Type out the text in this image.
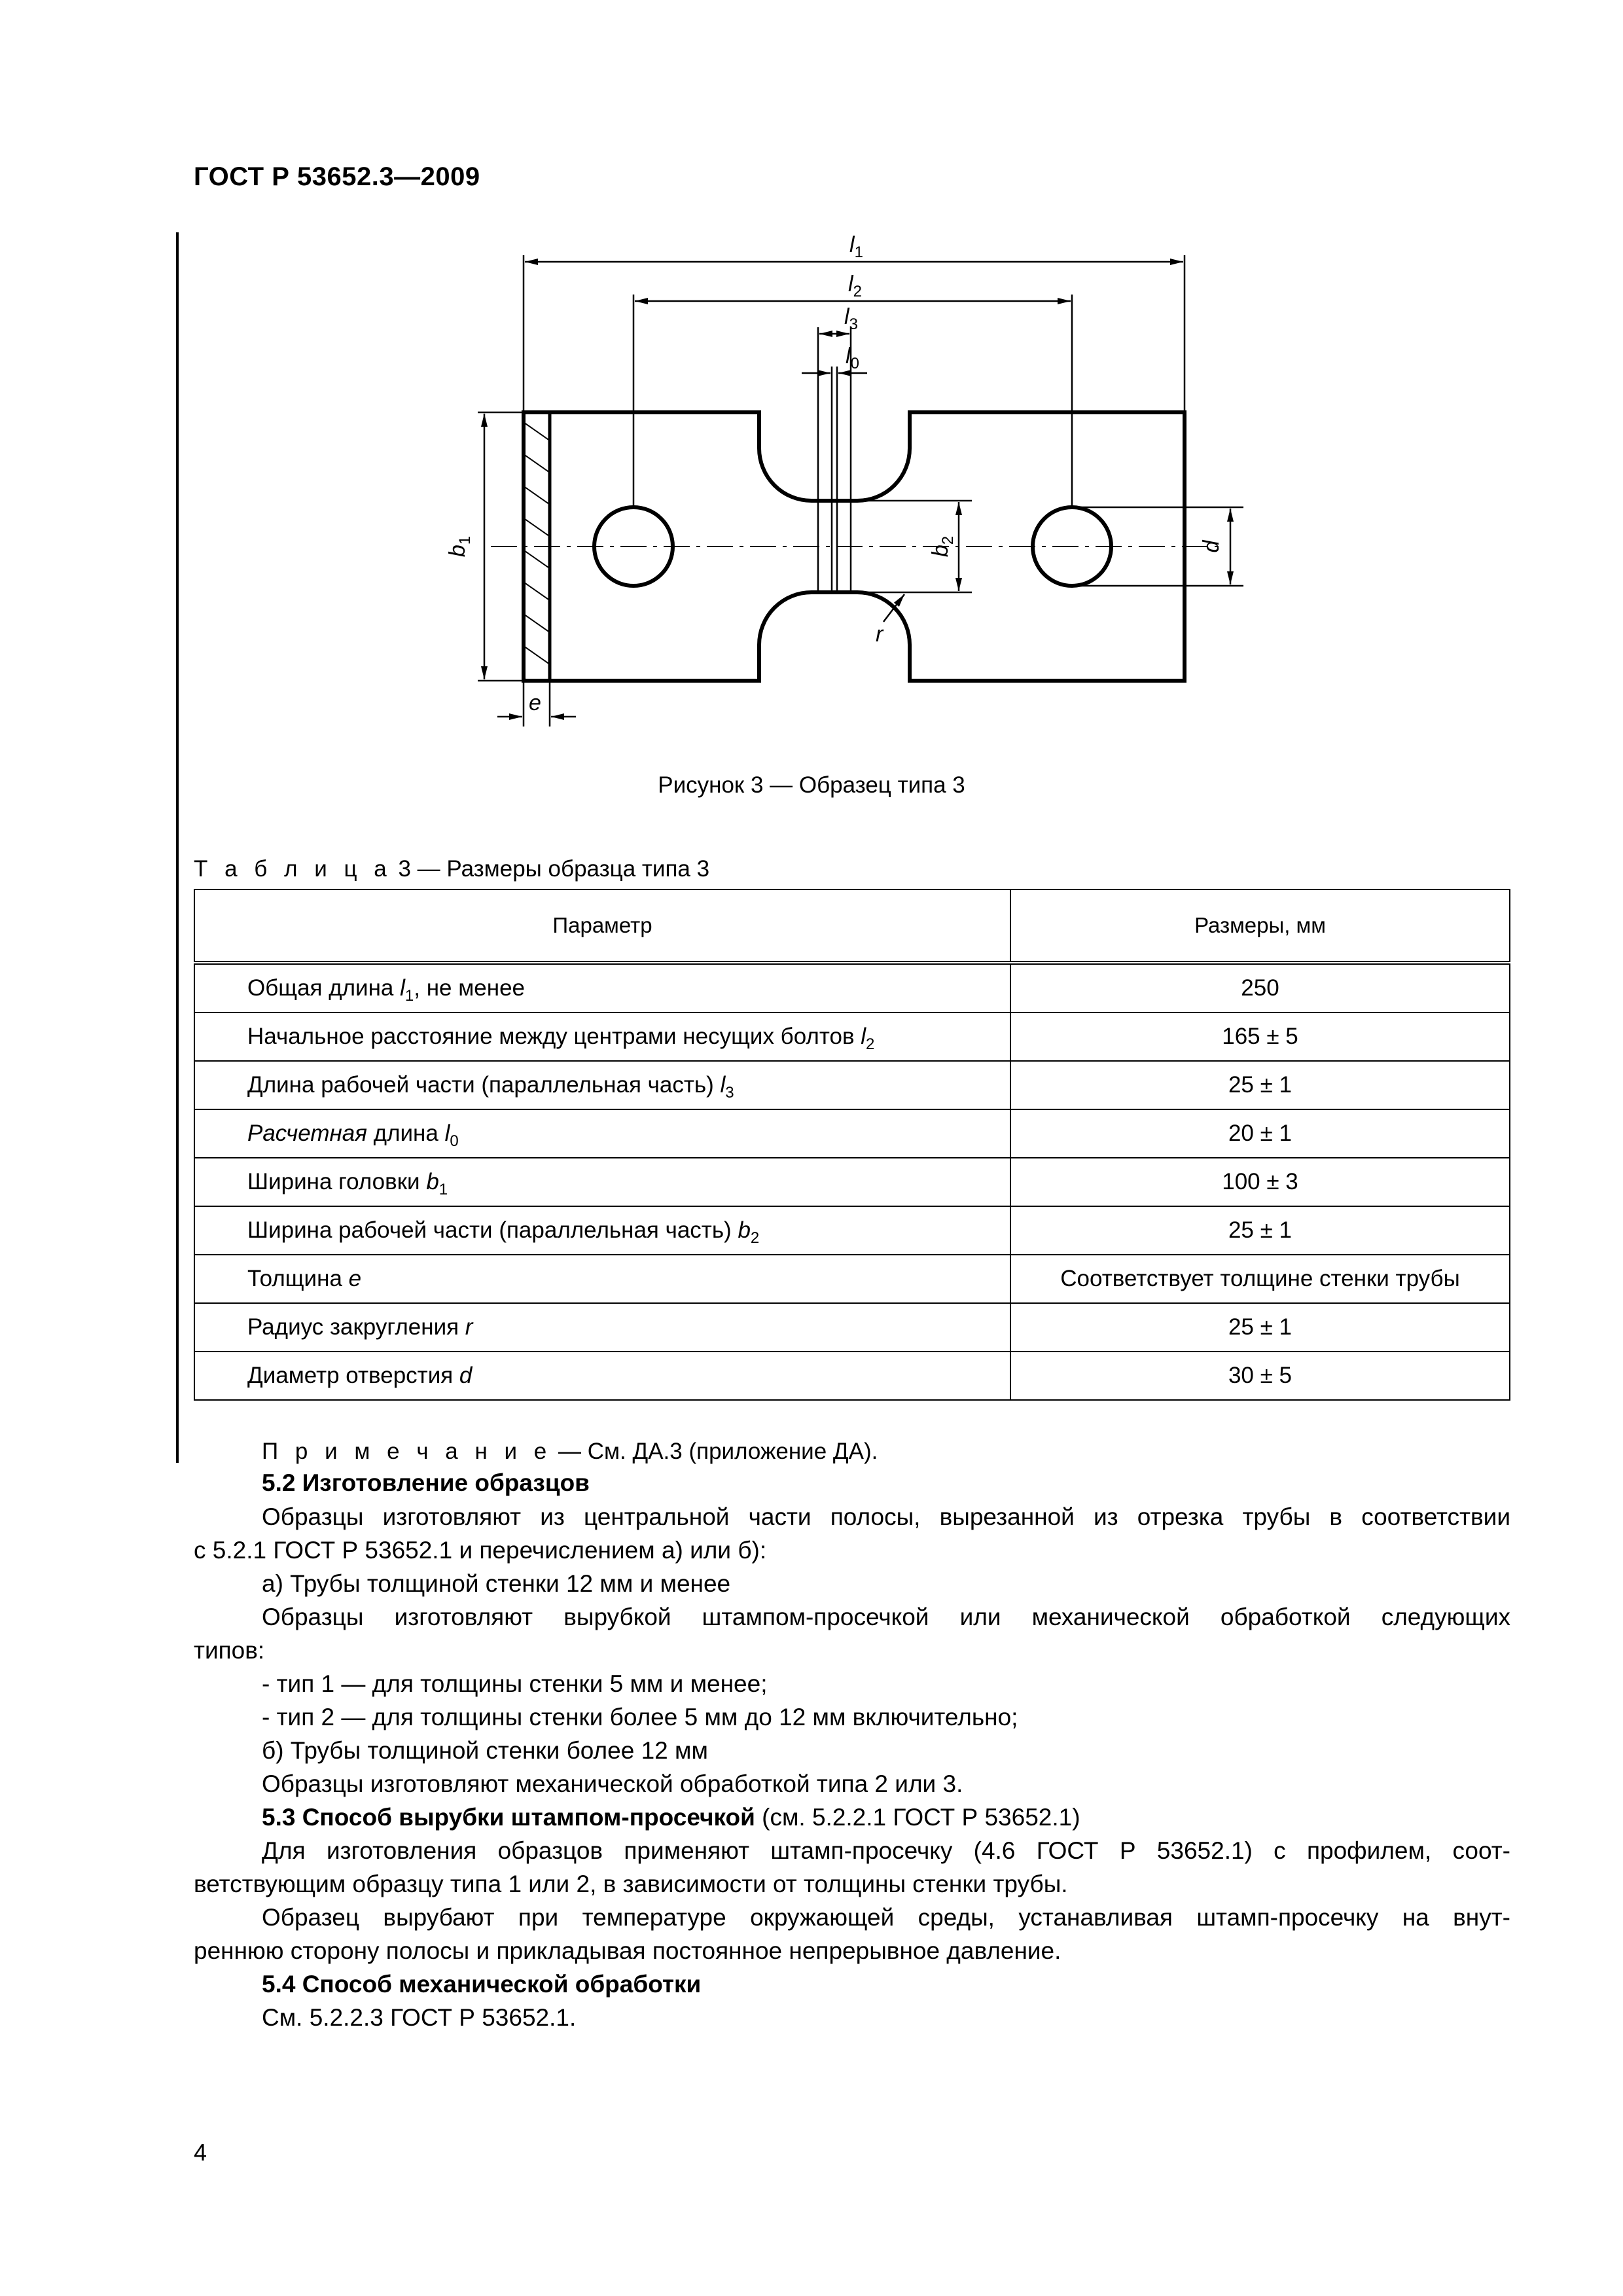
ГОСТ Р 53652.3—2009
$l_1$
$l_2$
$l_3$
$l_0$
$b_1$
$b_2$	d
r
e
Рисунок 3 — Образец типа 3
Т а б л и ц а 3 — Размеры образца типа 3
Параметр	Размеры, мм
Общая длина $l_1$, не менее	250
Начальное расстояние между центрами несущих болтов $l_2$	165 ± 5
Длина рабочей части (параллельная часть) $l_3$	25 ± 1
Расчетная длина $l_0$	20 ± 1
Ширина головки $b_1$	100 ± 3
Ширина рабочей части (параллельная часть) $b_2$	25 ± 1
Толщина e	Соответствует толщине стенки трубы
Радиус закругления r	25 ± 1
Диаметр отверстия d	30 ± 5
П р и м е ч а н и е — См. ДА.3 (приложение ДА).
5.2 Изготовление образцов
Образцы изготовляют из центральной части полосы, вырезанной из отрезка трубы в соответствии
с 5.2.1 ГОСТ Р 53652.1 и перечислением а) или б):
а) Трубы толщиной стенки 12 мм и менее
Образцы изготовляют вырубкой штампом-просечкой или механической обработкой следующих
типов:
- тип 1 — для толщины стенки 5 мм и менее;
- тип 2 — для толщины стенки более 5 мм до 12 мм включительно;
б) Трубы толщиной стенки более 12 мм
Образцы изготовляют механической обработкой типа 2 или 3.
5.3 Способ вырубки штампом-просечкой (см. 5.2.2.1 ГОСТ Р 53652.1)
Для изготовления образцов применяют штамп-просечку (4.6 ГОСТ Р 53652.1) с профилем, соот-
ветствующим образцу типа 1 или 2, в зависимости от толщины стенки трубы.
Образец вырубают при температуре окружающей среды, устанавливая штамп-просечку на внут-
реннюю сторону полосы и прикладывая постоянное непрерывное давление.
5.4 Способ механической обработки
См. 5.2.2.3 ГОСТ Р 53652.1.
4
